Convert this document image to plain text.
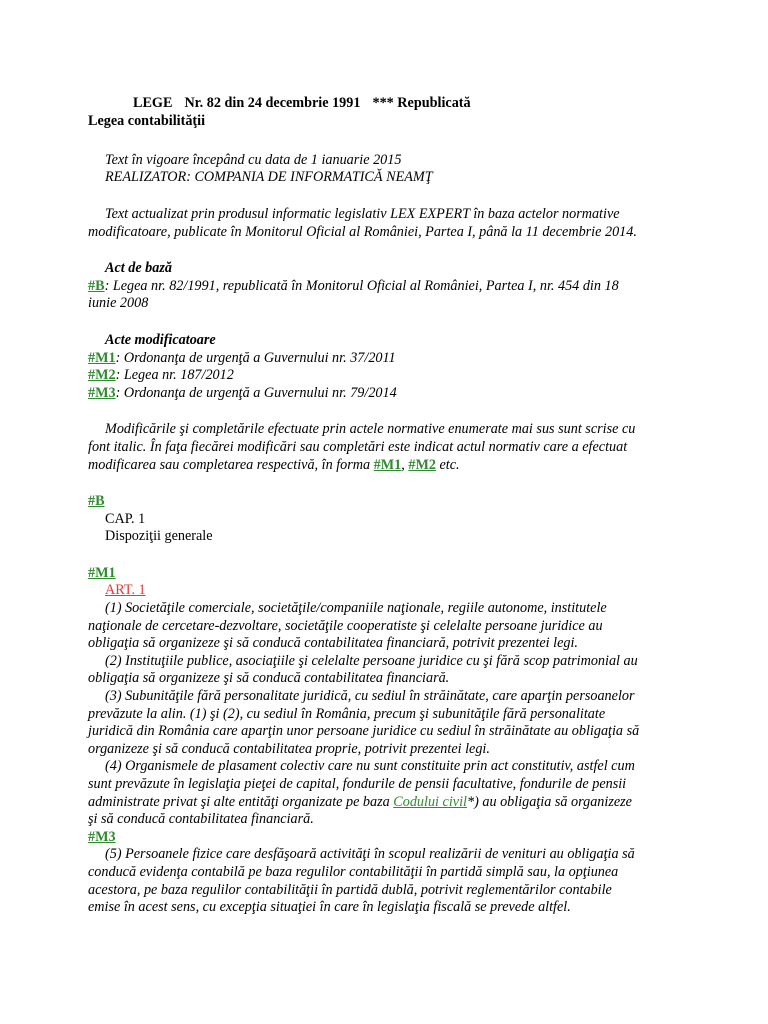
LEGE Nr. 82 din 24 decembrie 1991 *** Republicată
Legea contabilităţii
Text în vigoare începând cu data de 1 ianuarie 2015
REALIZATOR: COMPANIA DE INFORMATICĂ NEAMŢ
Text actualizat prin produsul informatic legislativ LEX EXPERT în baza actelor normative
modificatoare, publicate în Monitorul Oficial al României, Partea I, până la 11 decembrie 2014.
Act de bază
#B: Legea nr. 82/1991, republicată în Monitorul Oficial al României, Partea I, nr. 454 din 18
iunie 2008
Acte modificatoare
#M1: Ordonanţa de urgenţă a Guvernului nr. 37/2011
#M2: Legea nr. 187/2012
#M3: Ordonanţa de urgenţă a Guvernului nr. 79/2014
Modificările şi completările efectuate prin actele normative enumerate mai sus sunt scrise cu
font italic. În faţa fiecărei modificări sau completări este indicat actul normativ care a efectuat
modificarea sau completarea respectivă, în forma #M1, #M2 etc.
#B
CAP. 1
Dispoziţii generale
#M1
ART. 1
(1) Societăţile comerciale, societăţile/companiile naţionale, regiile autonome, institutele
naţionale de cercetare-dezvoltare, societăţile cooperatiste şi celelalte persoane juridice au
obligaţia să organizeze şi să conducă contabilitatea financiară, potrivit prezentei legi.
(2) Instituţiile publice, asociaţiile şi celelalte persoane juridice cu şi fără scop patrimonial au
obligaţia să organizeze şi să conducă contabilitatea financiară.
(3) Subunităţile fără personalitate juridică, cu sediul în străinătate, care aparţin persoanelor
prevăzute la alin. (1) şi (2), cu sediul în România, precum şi subunităţile fără personalitate
juridică din România care aparţin unor persoane juridice cu sediul în străinătate au obligaţia să
organizeze şi să conducă contabilitatea proprie, potrivit prezentei legi.
(4) Organismele de plasament colectiv care nu sunt constituite prin act constitutiv, astfel cum
sunt prevăzute în legislaţia pieţei de capital, fondurile de pensii facultative, fondurile de pensii
administrate privat şi alte entităţi organizate pe baza Codului civil*) au obligaţia să organizeze
şi să conducă contabilitatea financiară.
#M3
(5) Persoanele fizice care desfăşoară activităţi în scopul realizării de venituri au obligaţia să
conducă evidenţa contabilă pe baza regulilor contabilităţii în partidă simplă sau, la opţiunea
acestora, pe baza regulilor contabilităţii în partidă dublă, potrivit reglementărilor contabile
emise în acest sens, cu excepţia situaţiei în care în legislaţia fiscală se prevede altfel.
